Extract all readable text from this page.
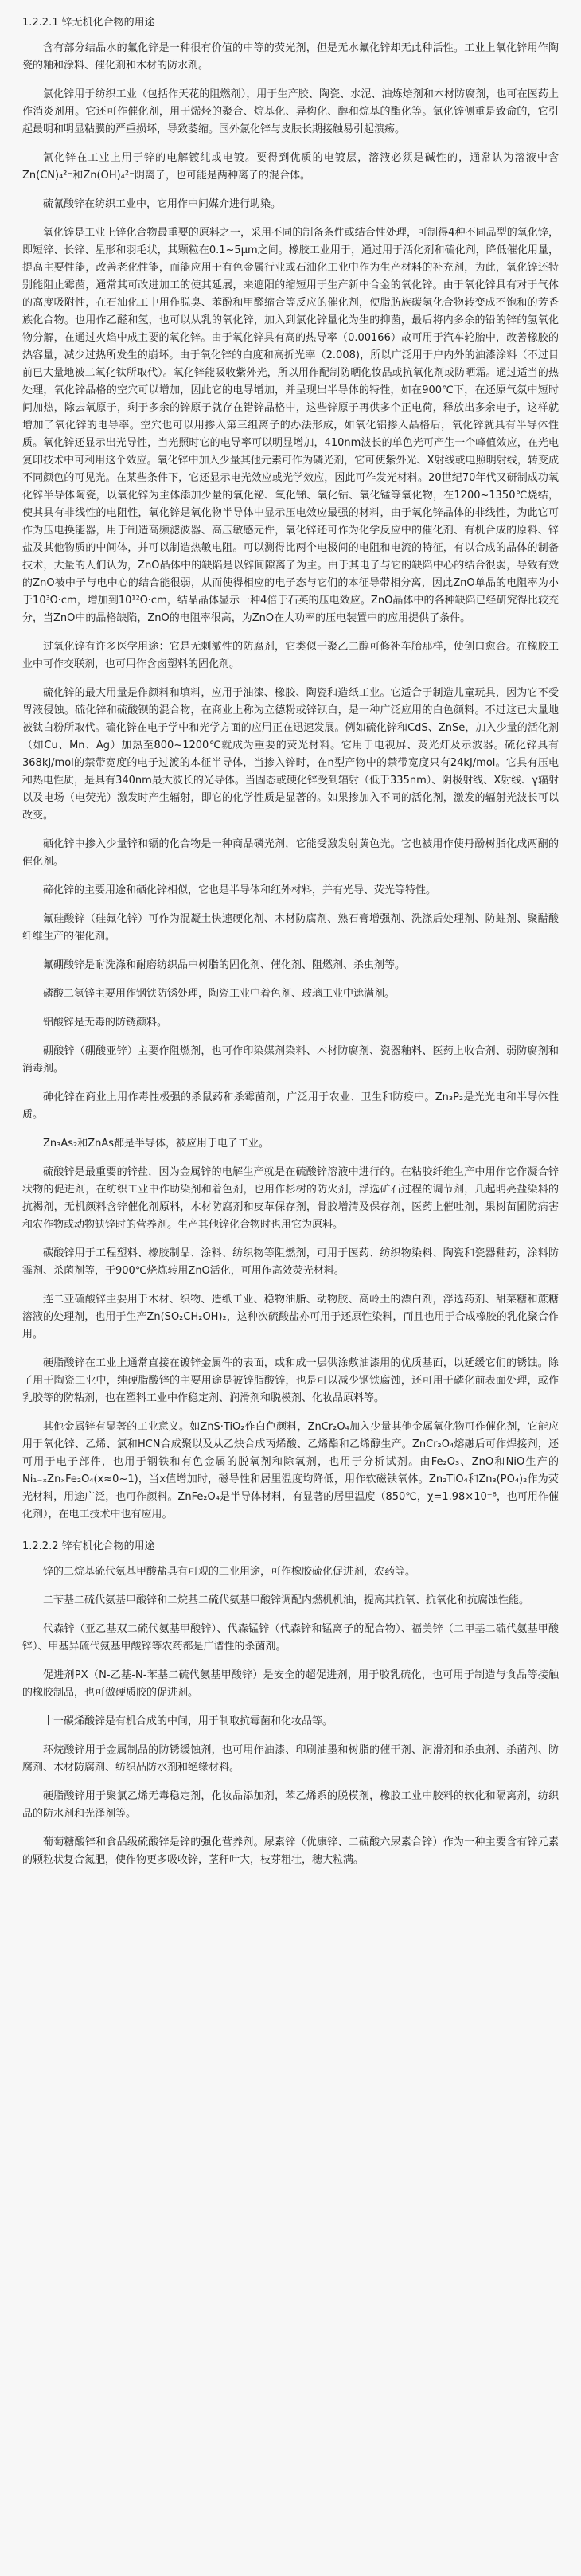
1.2.2.1 锌无机化合物的用途

含有部分结晶水的氟化锌是一种很有价值的中等的荧光剂，但是无水氟化锌却无此种活性。工业上氧化锌用作陶瓷的釉和涂料、催化剂和木材的防水剂。

氯化锌用于纺织工业（包括作天花的阻燃剂），用于生产胶、陶瓷、水泥、油炼焙剂和木材防腐剂，也可在医药上作消炎剂用。它还可作催化剂，用于烯烃的聚合、烷基化、异构化、醇和烷基的酯化等。氯化锌侧重是致命的，它引起最明和明显粘膜的严重损坏，导致萎缩。国外氯化锌与皮肤长期接触易引起溃疡。

氰化锌在工业上用于锌的电解镀纯或电镀。要得到优质的电镀层，溶液必须是碱性的，通常认为溶液中含Zn(CN)₄²⁻和Zn(OH)₄²⁻阴离子，也可能是两种离子的混合体。

硫氰酸锌在纺织工业中，它用作中间媒介进行助染。

氧化锌是工业上锌化合物最重要的原料之一，采用不同的制备条件或结合性处理，可制得4种不同品型的氧化锌，即短锌、长锌、星形和羽毛状，其颗粒在0.1~5μm之间。橡胶工业用于，通过用于活化剂和硫化剂，降低催化用量，提高主要性能，改善老化性能，而能应用于有色金属行业或石油化工业中作为生产材料的补充剂，为此，氧化锌还特别能阻止霉菌，通常其可改进加工的使其延展，来遮阳的缩短用于生产新中合金的氧化锌。由于氧化锌具有对于气体的高度吸附性，在石油化工中用作脱臭、苯酚和甲醛缩合等反应的催化剂，使脂肪族碳氢化合物转变成不饱和的芳香族化合物。也用作乙醛和氢，也可以从乳的氧化锌，加入到氯化锌量化为生的抑菌，最后将内多余的铅的锌的氢氧化物分解，在通过火焰中成主要的氧化锌。由于氧化锌具有高的热导率（0.00166）故可用于汽车轮胎中，改善橡胶的热容量，减少过热所发生的崩坏。由于氧化锌的白度和高折光率（2.008)，所以广泛用于户内外的油漆涂料（不过目前已大量地被二氧化钛所取代）。氧化锌能吸收紫外光，所以用作配制防晒化妆品或抗氧化剂或防晒霜。通过适当的热处理，氧化锌晶格的空穴可以增加，因此它的电导增加，并呈现出半导体的特性，如在900℃下，在还原气氛中短时间加热，除去氧原子，剩于多余的锌原子就存在错锌晶格中，这些锌原子再供多个正电荷，释放出多余电子，这样就增加了氧化锌的电导率。空穴也可以用掺入第三组离子的办法形成，如氧化铝掺入晶格后，氧化锌就具有半导体性质。氧化锌还显示出光导性，当光照时它的电导率可以明显增加，410nm波长的单色光可产生一个峰值效应，在光电复印技术中可利用这个效应。氧化锌中加入少量其他元素可作为磷光剂，它可使紫外光、X射线或电照明射线，转变成不同颜色的可见光。在某些条件下，它还显示电光效应或光学效应，因此可作发光材料。20世纪70年代又研制成功氧化锌半导体陶瓷，以氧化锌为主体添加少量的氧化铋、氧化锑、氧化钴、氧化锰等氧化物，在1200~1350℃烧结，使其具有非线性的电阻性，氧化锌是氧化物半导体中显示压电效应最强的材料，由于氧化锌晶体的非线性，为此它可作为压电换能器，用于制造高频滤波器、高压敏感元件，氧化锌还可作为化学反应中的催化剂、有机合成的原料、锌盐及其他物质的中间体，并可以制造热敏电阻。可以测得比两个电极间的电阻和电流的特征，有以合成的晶体的制备技术，大量的人们认为，ZnO晶体中的缺陷是以锌间隙离子为主。由于其电子与它的缺陷中心的结合很弱，导致有效的ZnO被中子与电中心的结合能很弱，从而使得相应的电子态与它们的本征导带相分离，因此ZnO单晶的电阻率为小于10³Ω·cm，增加到10¹²Ω·cm，结晶晶体显示一种4倍于石英的压电效应。ZnO晶体中的各种缺陷已经研究得比较充分，当ZnO中的晶格缺陷，ZnO的电阻率很高，为ZnO在大功率的压电装置中的应用提供了条件。

过氧化锌有许多医学用途：它是无刺激性的防腐剂，它类似于聚乙二醇可修补车胎那样，使创口愈合。在橡胶工业中可作交联剂，也可用作含卤塑料的固化剂。

硫化锌的最大用量是作颜料和填料，应用于油漆、橡胶、陶瓷和造纸工业。它适合于制造儿童玩具，因为它不受胃液侵蚀。硫化锌和硫酸钡的混合物，在商业上称为立德粉或锌钡白，是一种广泛应用的白色颜料。不过这已大量地被钛白粉所取代。硫化锌在电子学中和光学方面的应用正在迅速发展。例如硫化锌和CdS、ZnSe，加入少量的活化剂（如Cu、Mn、Ag）加热至800~1200℃就成为重要的荧光材料。它用于电视屏、荧光灯及示波器。硫化锌具有368kJ/mol的禁带宽度的电子过渡的本征半导体，当掺入锌时，在n型产物中的禁带宽度只有24kJ/mol。它具有压电和热电性质，是具有340nm最大波长的光导体。当固态或硬化锌受到辐射（低于335nm）、阴极射线、X射线、γ辐射以及电场（电荧光）激发时产生辐射，即它的化学性质是显著的。如果掺加入不同的活化剂，激发的辐射光波长可以改变。

硒化锌中掺入少量锌和镉的化合物是一种商品磷光剂，它能受激发射黄色光。它也被用作使丹酚树脂化成两酮的催化剂。

碲化锌的主要用途和硒化锌相似，它也是半导体和红外材料，并有光导、荧光等特性。

氟硅酸锌（硅氟化锌）可作为混凝土快速硬化剂、木材防腐剂、熟石膏增强剂、洗涤后处理剂、防蛀剂、聚醋酸纤维生产的催化剂。

氟硼酸锌是耐洗涤和耐磨纺织品中树脂的固化剂、催化剂、阻燃剂、杀虫剂等。

磷酸二氢锌主要用作钢铁防锈处理，陶瓷工业中着色剂、玻璃工业中遮满剂。

铝酸锌是无毒的防锈颜料。

硼酸锌（硼酸亚锌）主要作阻燃剂，也可作印染媒剂染料、木材防腐剂、瓷器釉料、医药上收合剂、弱防腐剂和消毒剂。

砷化锌在商业上用作毒性极强的杀鼠药和杀霉菌剂，广泛用于农业、卫生和防疫中。Zn₃P₂是光光电和半导体性质。

Zn₃As₂和ZnAs都是半导体，被应用于电子工业。

硫酸锌是最重要的锌盐，因为金属锌的电解生产就是在硫酸锌溶液中进行的。在粘胶纤维生产中用作它作凝合锌状物的促进剂，在纺织工业中作助染剂和着色剂，也用作杉树的防火剂，浮选矿石过程的调节剂，几起明亮盐染料的抗褐剂，无机颜料含锌催化剂原料，木材防腐剂和皮革保存剂，骨胶增清及保存剂，医药上催吐剂，果树苗圃防病害和农作物或动物缺锌时的营养剂。生产其他锌化合物时也用它为原料。

碳酸锌用于工程塑料、橡胶制品、涂料、纺织物等阻燃剂，可用于医药、纺织物染料、陶瓷和瓷器釉药，涂料防霉剂、杀菌剂等，于900℃烧炼转用ZnO活化，可用作高效荧光材料。

连二亚硫酸锌主要用于木材、织物、造纸工业、稳物油脂、动物胶、高岭土的漂白剂，浮选药剂、甜菜糖和蔗糖溶液的处理剂，也用于生产Zn(SO₂CH₂OH)₂，这种次硫酸盐亦可用于还原性染料，而且也用于合成橡胶的乳化聚合作用。

硬脂酸锌在工业上通常直接在镀锌金属件的表面，或和成一层供涂敷油漆用的优质基面，以延缓它们的锈蚀。除了用于陶瓷工业中，纯硬脂酸锌的主要用途是被锌脂酸锌，也是可以减少钢铁腐蚀，还可用于磷化前表面处理，或作乳胶等的防粘剂，也在塑料工业中作稳定剂、润滑剂和脱模剂、化妆品原料等。

其他金属锌有显著的工业意义。如ZnS·TiO₂作白色颜料，ZnCr₂O₄加入少量其他金属氧化物可作催化剂，它能应用于氧化锌、乙烯、氯和HCN合成聚以及从乙炔合成丙烯酸、乙烯酯和乙烯醇生产。ZnCr₂O₄熔融后可作焊接剂，还可用于电子部件，也用于钢铁和有色金属的脱氧剂和除氧剂，也用于分析试剂。由Fe₂O₃、ZnO和NiO生产的Ni₁₋ₓZnₓFe₂O₄(x≈0~1)，当x值增加时，磁导性和居里温度均降低，用作软磁铁氧体。Zn₂TiO₄和Zn₃(PO₄)₂作为荧光材料，用途广泛，也可作颜料。ZnFe₂O₄是半导体材料，有显著的居里温度（850℃，χ=1.98×10⁻⁶，也可用作催化剂），在电工技术中也有应用。

1.2.2.2 锌有机化合物的用途

锌的二烷基硫代氨基甲酸盐具有可观的工业用途，可作橡胶硫化促进剂，农药等。

二苄基二硫代氨基甲酸锌和二烷基二硫代氨基甲酸锌调配内燃机机油，提高其抗氧、抗氧化和抗腐蚀性能。

代森锌（亚乙基双二硫代氨基甲酸锌）、代森锰锌（代森锌和锰离子的配合物）、福美锌（二甲基二硫代氨基甲酸锌）、甲基异硫代氨基甲酸锌等农药都是广谱性的杀菌剂。

促进剂PX（N-乙基-N-苯基二硫代氨基甲酸锌）是安全的超促进剂，用于胶乳硫化，也可用于制造与食品等接触的橡胶制品，也可做硬质胶的促进剂。

十一碳烯酸锌是有机合成的中间，用于制取抗霉菌和化妆品等。

环烷酸锌用于金属制品的防锈缓蚀剂，也可用作油漆、印刷油墨和树脂的催干剂、润滑剂和杀虫剂、杀菌剂、防腐剂、木材防腐剂、纺织品防水剂和绝缘材料。

硬脂酸锌用于聚氯乙烯无毒稳定剂，化妆品添加剂，苯乙烯系的脱模剂，橡胶工业中胶料的软化和隔离剂，纺织品的防水剂和光泽剂等。

葡萄糖酸锌和食品级硫酸锌是锌的强化营养剂。尿素锌（优康锌、二硫酸六尿素合锌）作为一种主要含有锌元素的颗粒状复合氮肥，使作物更多吸收锌，茎秆叶大，枝芽粗壮，穗大粒满。
